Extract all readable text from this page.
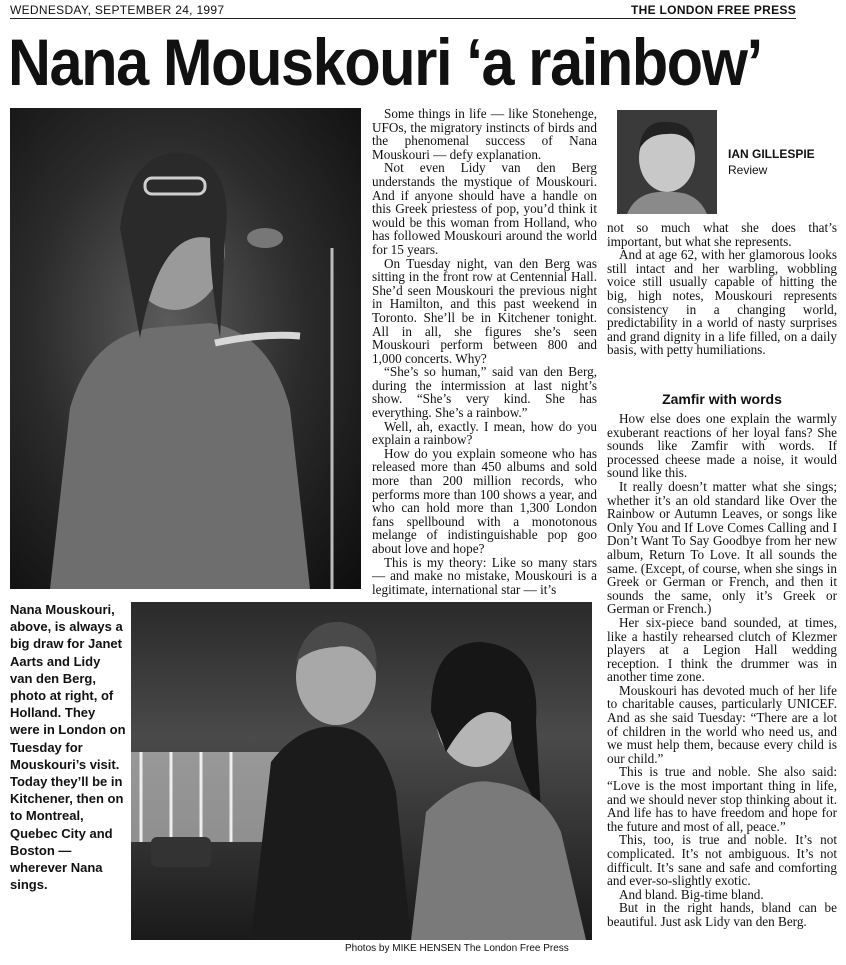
WEDNESDAY, SEPTEMBER 24, 1997	THE LONDON FREE PRESS
Nana Mouskouri ‘a rainbow’

Some things in life — like Stonehenge, UFOs, the migratory instincts of birds and the phenomenal success of Nana Mouskouri — defy explanation.

Not even Lidy van den Berg understands the mystique of Mouskouri. And if anyone should have a handle on this Greek priestess of pop, you’d think it would be this woman from Holland, who has followed Mouskouri around the world for 15 years.

On Tuesday night, van den Berg was sitting in the front row at Centennial Hall. She’d seen Mouskouri the previous night in Hamilton, and this past weekend in Toronto. She’ll be in Kitchener tonight. All in all, she figures she’s seen Mouskouri perform between 800 and 1,000 concerts. Why?

“She’s so human,” said van den Berg, during the intermission at last night’s show. “She’s very kind. She has everything. She’s a rainbow.”

Well, ah, exactly. I mean, how do you explain a rainbow?

How do you explain someone who has released more than 450 albums and sold more than 200 million records, who performs more than 100 shows a year, and who can hold more than 1,300 London fans spellbound with a monotonous melange of indistinguishable pop goo about love and hope?

This is my theory: Like so many stars — and make no mistake, Mouskouri is a legitimate, international star — it’s

IAN GILLESPIE
Review

not so much what she does that’s important, but what she represents.

And at age 62, with her glamorous looks still intact and her warbling, wobbling voice still usually capable of hitting the big, high notes, Mouskouri represents consistency in a changing world, predictability in a world of nasty surprises and grand dignity in a life filled, on a daily basis, with petty humiliations.

Zamfir with words

How else does one explain the warmly exuberant reactions of her loyal fans? She sounds like Zamfir with words. If processed cheese made a noise, it would sound like this.

It really doesn’t matter what she sings; whether it’s an old standard like Over the Rainbow or Autumn Leaves, or songs like Only You and If Love Comes Calling and I Don’t Want To Say Goodbye from her new album, Return To Love. It all sounds the same. (Except, of course, when she sings in Greek or German or French, and then it sounds the same, only it’s Greek or German or French.)

Her six-piece band sounded, at times, like a hastily rehearsed clutch of Klezmer players at a Legion Hall wedding reception. I think the drummer was in another time zone.

Mouskouri has devoted much of her life to charitable causes, particularly UNICEF. And as she said Tuesday: “There are a lot of children in the world who need us, and we must help them, because every child is our child.”

This is true and noble. She also said: “Love is the most important thing in life, and we should never stop thinking about it. And life has to have freedom and hope for the future and most of all, peace.”

This, too, is true and noble. It’s not complicated. It’s not ambiguous. It’s not difficult. It’s sane and safe and comforting and ever-so-slightly exotic.

And bland. Big-time bland.

But in the right hands, bland can be beautiful. Just ask Lidy van den Berg.

Nana Mouskouri, above, is always a big draw for Janet Aarts and Lidy van den Berg, photo at right, of Holland. They were in London on Tuesday for Mouskouri’s visit. Today they’ll be in Kitchener, then on to Montreal, Quebec City and Boston — wherever Nana sings.
Photos by MIKE HENSEN The London Free Press
